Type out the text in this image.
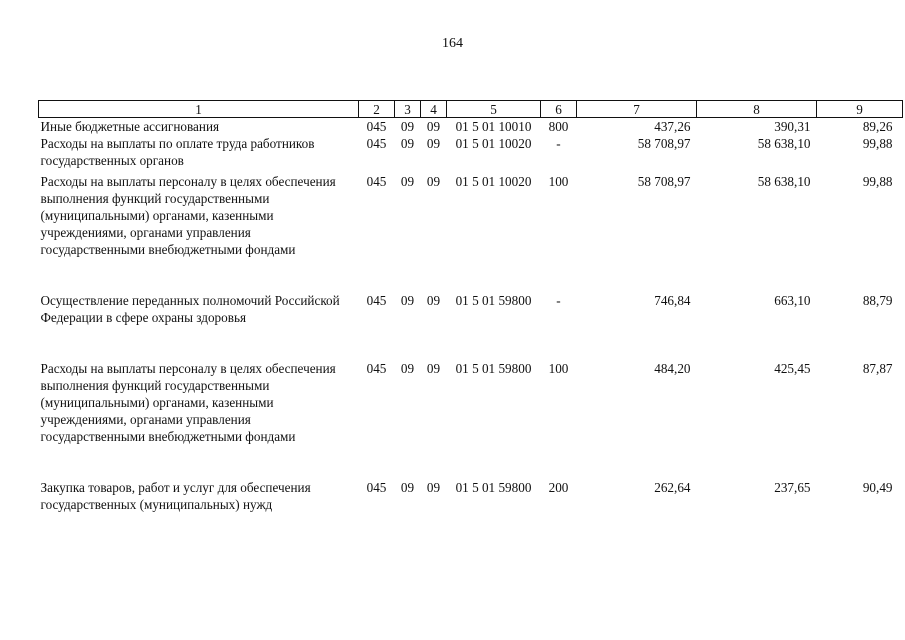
164
1	2	3	4	5	6	7	8	9
Иные бюджетные ассигнования	045	09	09	01 5 01 10010	800	437,26	390,31	89,26
Расходы на выплаты по оплате труда работников государственных органов	045	09	09	01 5 01 10020	-	58 708,97	58 638,10	99,88
Расходы на выплаты персоналу в целях обеспечения выполнения функций государственными (муниципальными) органами, казенными учреждениями, органами управления государственными внебюджетными фондами	045	09	09	01 5 01 10020	100	58 708,97	58 638,10	99,88
Осуществление переданных полномочий Российской Федерации в сфере охраны здоровья	045	09	09	01 5 01 59800	-	746,84	663,10	88,79
Расходы на выплаты персоналу в целях обеспечения выполнения функций государственными (муниципальными) органами, казенными учреждениями, органами управления государственными внебюджетными фондами	045	09	09	01 5 01 59800	100	484,20	425,45	87,87
Закупка товаров, работ и услуг для обеспечения государственных (муниципальных) нужд	045	09	09	01 5 01 59800	200	262,64	237,65	90,49
